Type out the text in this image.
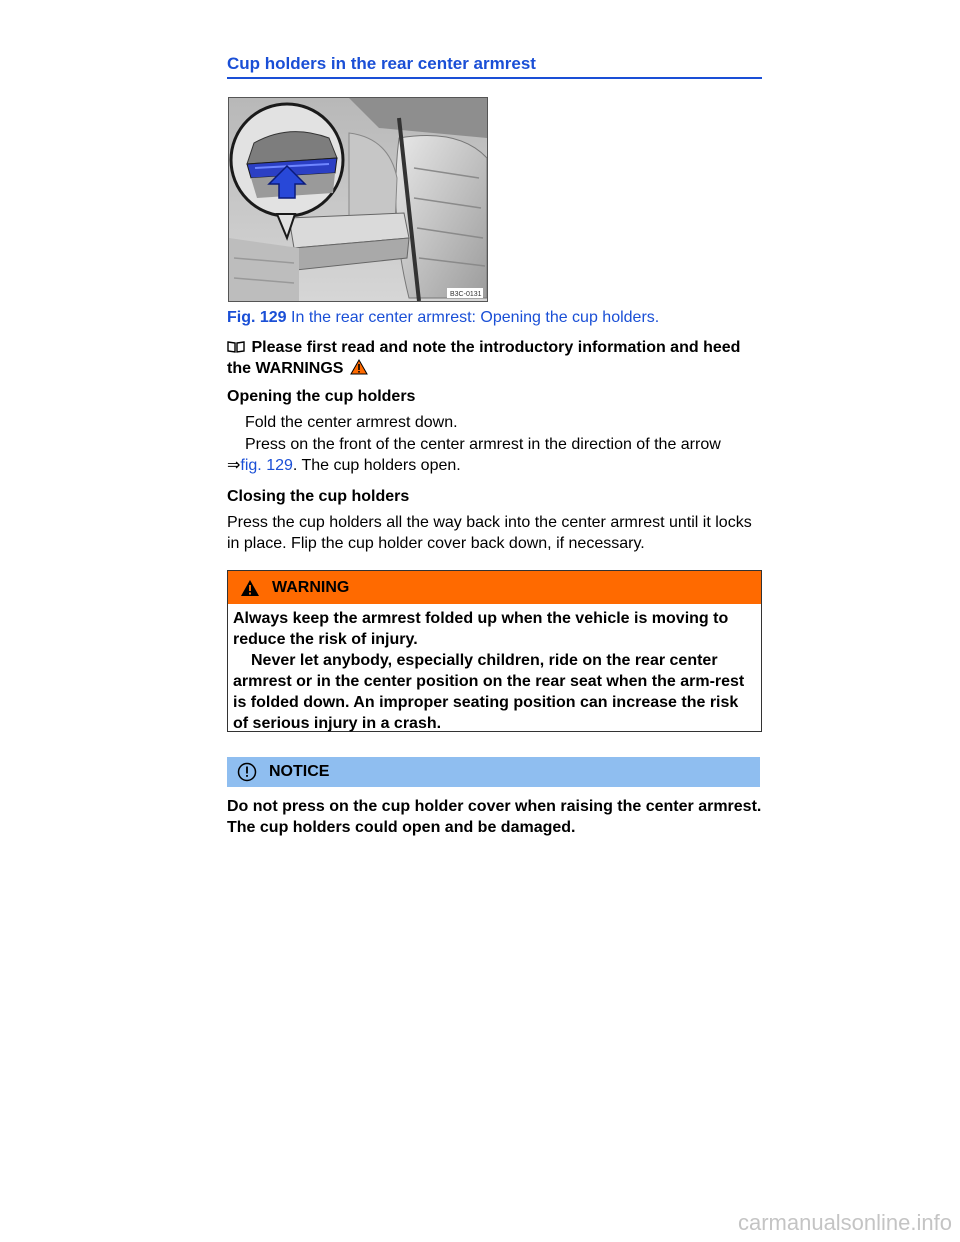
Cup holders in the rear center armrest
B3C-0131
Fig. 129 In the rear center armrest: Opening the cup holders.
Please first read and note the introductory information and heed the WARNINGS
Opening the cup holders
Fold the center armrest down.
Press on the front of the center armrest in the direction of the arrow
⇒fig. 129. The cup holders open.
Closing the cup holders
Press the cup holders all the way back into the center armrest until it locks in place. Flip the cup holder cover back down, if necessary.
WARNING
Always keep the armrest folded up when the vehicle is moving to reduce the risk of injury.
Never let anybody, especially children, ride on the rear center armrest or in the center position on the rear seat when the arm-rest is folded down. An improper seating position can increase the risk of serious injury in a crash.
NOTICE
Do not press on the cup holder cover when raising the center armrest. The cup holders could open and be damaged.
carmanualsonline.info
